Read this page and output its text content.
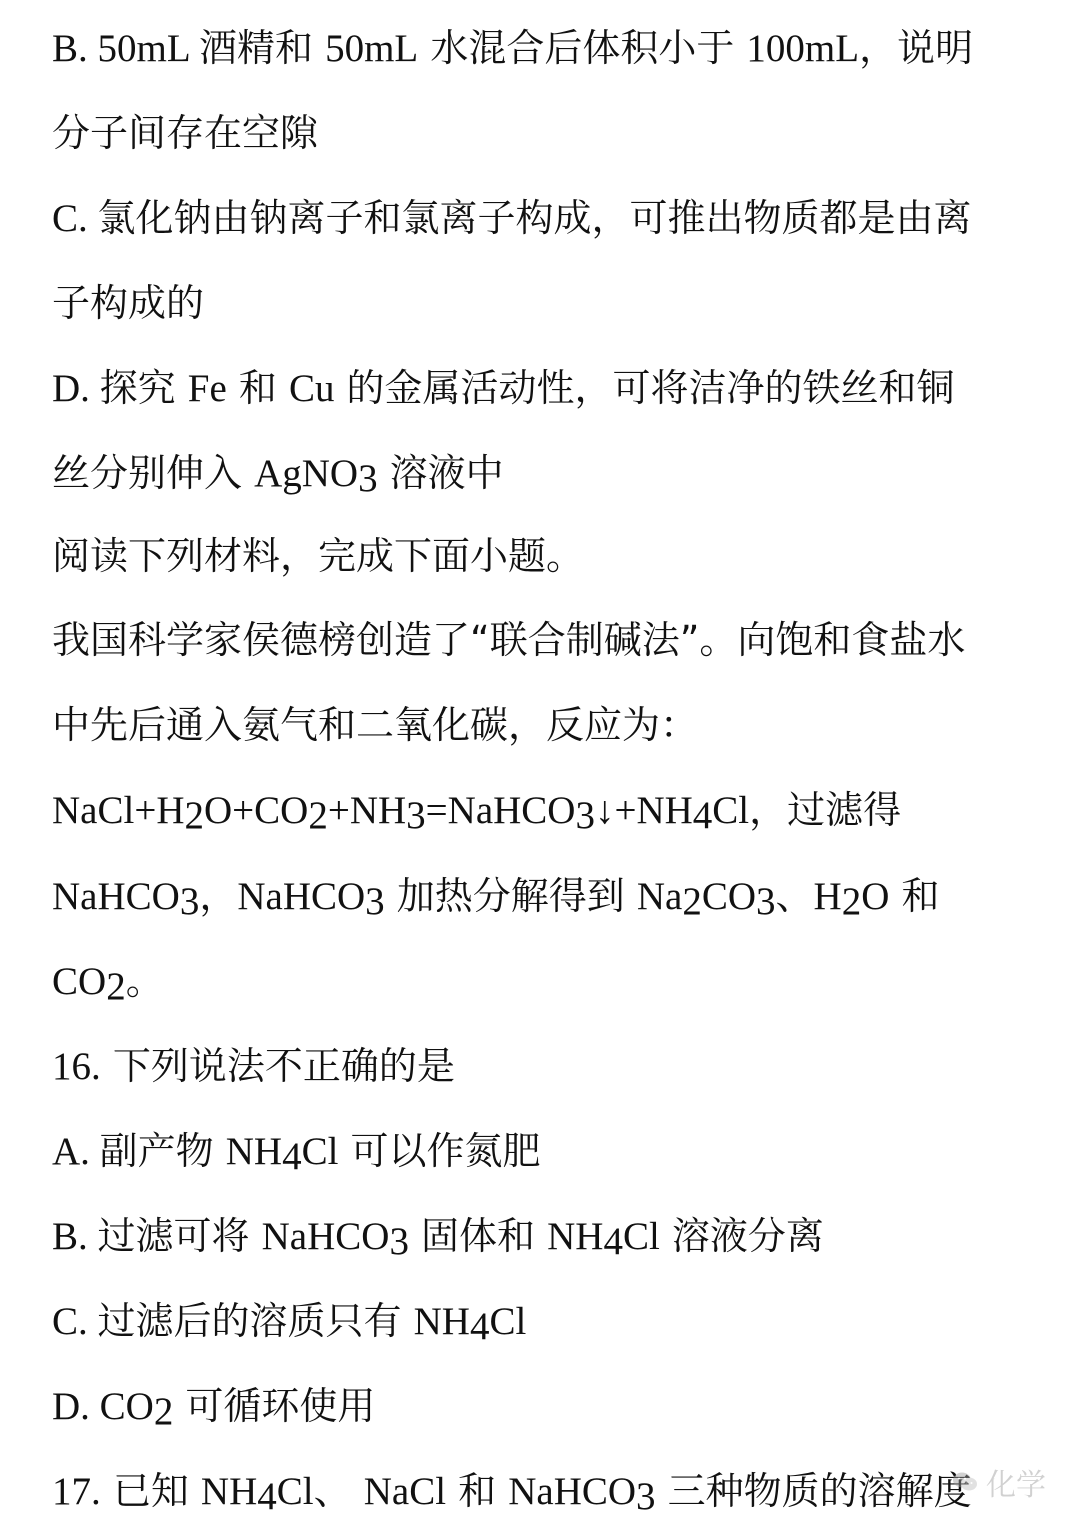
B. 50mL 酒精和 50mL 水混合后体积小于 100mL，说明
分子间存在空隙
C. 氯化钠由钠离子和氯离子构成，可推出物质都是由离
子构成的
D. 探究 Fe 和 Cu 的金属活动性，可将洁净的铁丝和铜
丝分别伸入 AgNO$_3$ 溶液中
阅读下列材料，完成下面小题。
我国科学家侯德榜创造了“联合制碱法”。向饱和食盐水
中先后通入氨气和二氧化碳，反应为：
$NaCl+H_2O+CO_2+NH_3=NaHCO_3↓+NH_4Cl$，过滤得
NaHCO$_3$，NaHCO$_3$ 加热分解得到 $Na_2CO_3$、$H_2O$ 和
$CO_2$。
16. 下列说法不正确的是
A. 副产物 $NH_4Cl$ 可以作氮肥
B. 过滤可将 NaHCO$_3$ 固体和 $NH_4Cl$ 溶液分离
C. 过滤后的溶质只有 $NH_4Cl$
D. $CO_2$ 可循环使用
17. 已知 $NH_4Cl$、 NaCl 和 NaHCO$_3$ 三种物质的溶解度 化学
